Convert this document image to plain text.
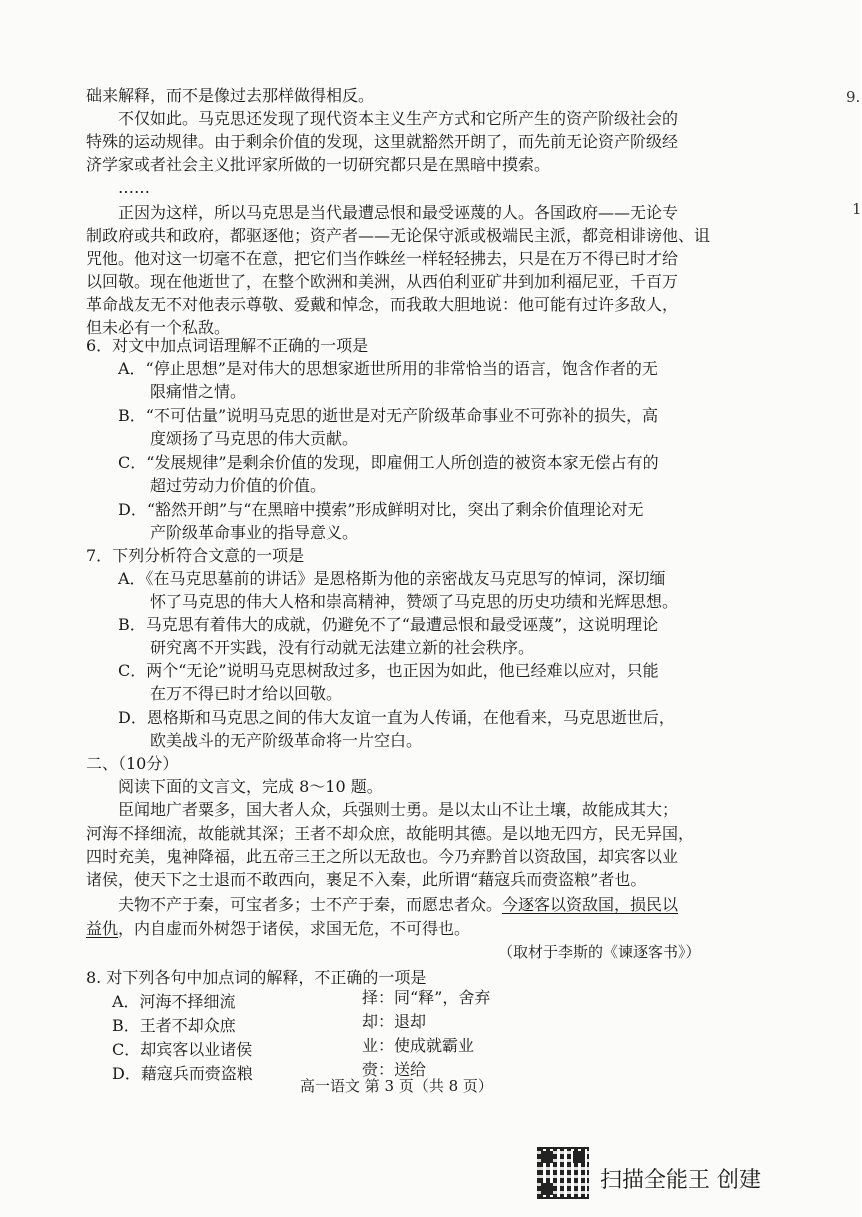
9.
1
础来解释，而不是像过去那样做得相反。
不仅如此。马克思还发现了现代资本主义生产方式和它所产生的资产阶级社会的
特殊的运动规律。由于剩余价值的发现，这里就豁然开朗了，而先前无论资产阶级经
济学家或者社会主义批评家所做的一切研究都只是在黑暗中摸索。
……
正因为这样，所以马克思是当代最遭忌恨和最受诬蔑的人。各国政府——无论专
制政府或共和政府，都驱逐他；资产者——无论保守派或极端民主派，都竞相诽谤他、诅
咒他。他对这一切毫不在意，把它们当作蛛丝一样轻轻拂去，只是在万不得已时才给
以回敬。现在他逝世了，在整个欧洲和美洲，从西伯利亚矿井到加利福尼亚，千百万
革命战友无不对他表示尊敬、爱戴和悼念，而我敢大胆地说：他可能有过许多敌人，
但未必有一个私敌。
6．对文中加点词语理解不正确的一项是
A．“停止思想”是对伟大的思想家逝世所用的非常恰当的语言，饱含作者的无
限痛惜之情。
B．“不可估量”说明马克思的逝世是对无产阶级革命事业不可弥补的损失，高
度颂扬了马克思的伟大贡献。
C．“发展规律”是剩余价值的发现，即雇佣工人所创造的被资本家无偿占有的
超过劳动力价值的价值。
D．“豁然开朗”与“在黑暗中摸索”形成鲜明对比，突出了剩余价值理论对无
产阶级革命事业的指导意义。
7．下列分析符合文意的一项是
A．《在马克思墓前的讲话》是恩格斯为他的亲密战友马克思写的悼词，深切缅
怀了马克思的伟大人格和崇高精神，赞颂了马克思的历史功绩和光辉思想。
B．马克思有着伟大的成就，仍避免不了“最遭忌恨和最受诬蔑”，这说明理论
研究离不开实践，没有行动就无法建立新的社会秩序。
C．两个“无论”说明马克思树敌过多，也正因为如此，他已经难以应对，只能
在万不得已时才给以回敬。
D．恩格斯和马克思之间的伟大友谊一直为人传诵，在他看来，马克思逝世后，
欧美战斗的无产阶级革命将一片空白。
二、（10分）
阅读下面的文言文，完成 8～10 题。
臣闻地广者粟多，国大者人众，兵强则士勇。是以太山不让土壤，故能成其大；
河海不择细流，故能就其深；王者不却众庶，故能明其德。是以地无四方，民无异国，
四时充美，鬼神降福，此五帝三王之所以无敌也。今乃弃黔首以资敌国，却宾客以业
诸侯，使天下之士退而不敢西向，裹足不入秦，此所谓“藉寇兵而赍盗粮”者也。
夫物不产于秦，可宝者多；士不产于秦，而愿忠者众。今逐客以资敌国，损民以
益仇，内自虚而外树怨于诸侯，求国无危，不可得也。
（取材于李斯的《谏逐客书》）
8. 对下列各句中加点词的解释，不正确的一项是
A．河海不择细流	择：同“释”，舍弃
B．王者不却众庶	却：退却
C．却宾客以业诸侯	业：使成就霸业
D．藉寇兵而赍盗粮	赍：送给
高一语文 第 3 页（共 8 页）
扫描全能王 创建
